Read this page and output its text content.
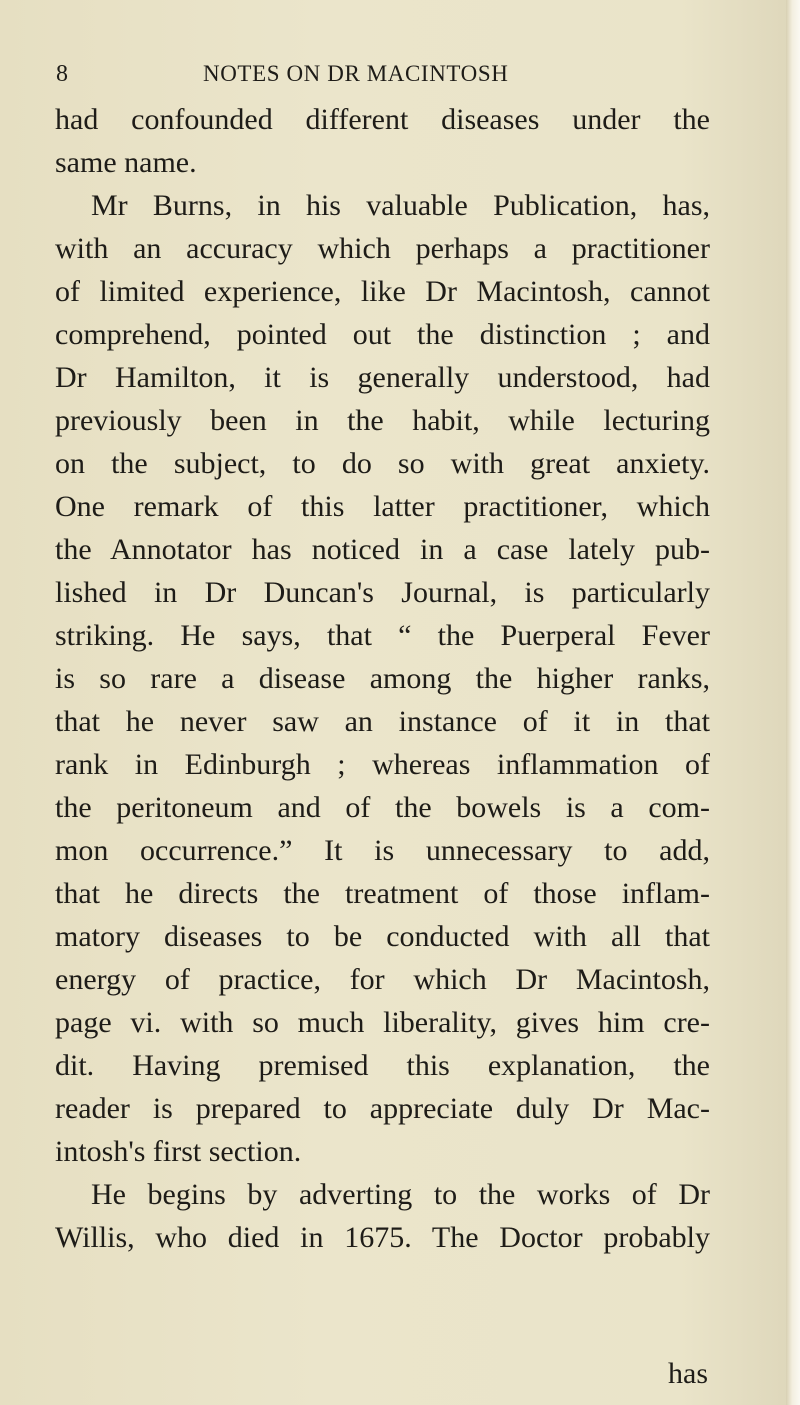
8	NOTES ON DR MACINTOSH
had confounded different diseases under the
same name.
Mr Burns, in his valuable Publication, has,
with an accuracy which perhaps a practitioner
of limited experience, like Dr Macintosh, cannot
comprehend, pointed out the distinction ; and
Dr Hamilton, it is generally understood, had
previously been in the habit, while lecturing
on the subject, to do so with great anxiety.
One remark of this latter practitioner, which
the Annotator has noticed in a case lately pub-
lished in Dr Duncan's Journal, is particularly
striking. He says, that “ the Puerperal Fever
is so rare a disease among the higher ranks,
that he never saw an instance of it in that
rank in Edinburgh ; whereas inflammation of
the peritoneum and of the bowels is a com-
mon occurrence.” It is unnecessary to add,
that he directs the treatment of those inflam-
matory diseases to be conducted with all that
energy of practice, for which Dr Macintosh,
page vi. with so much liberality, gives him cre-
dit. Having premised this explanation, the
reader is prepared to appreciate duly Dr Mac-
intosh's first section.
He begins by adverting to the works of Dr
Willis, who died in 1675. The Doctor probably
has
